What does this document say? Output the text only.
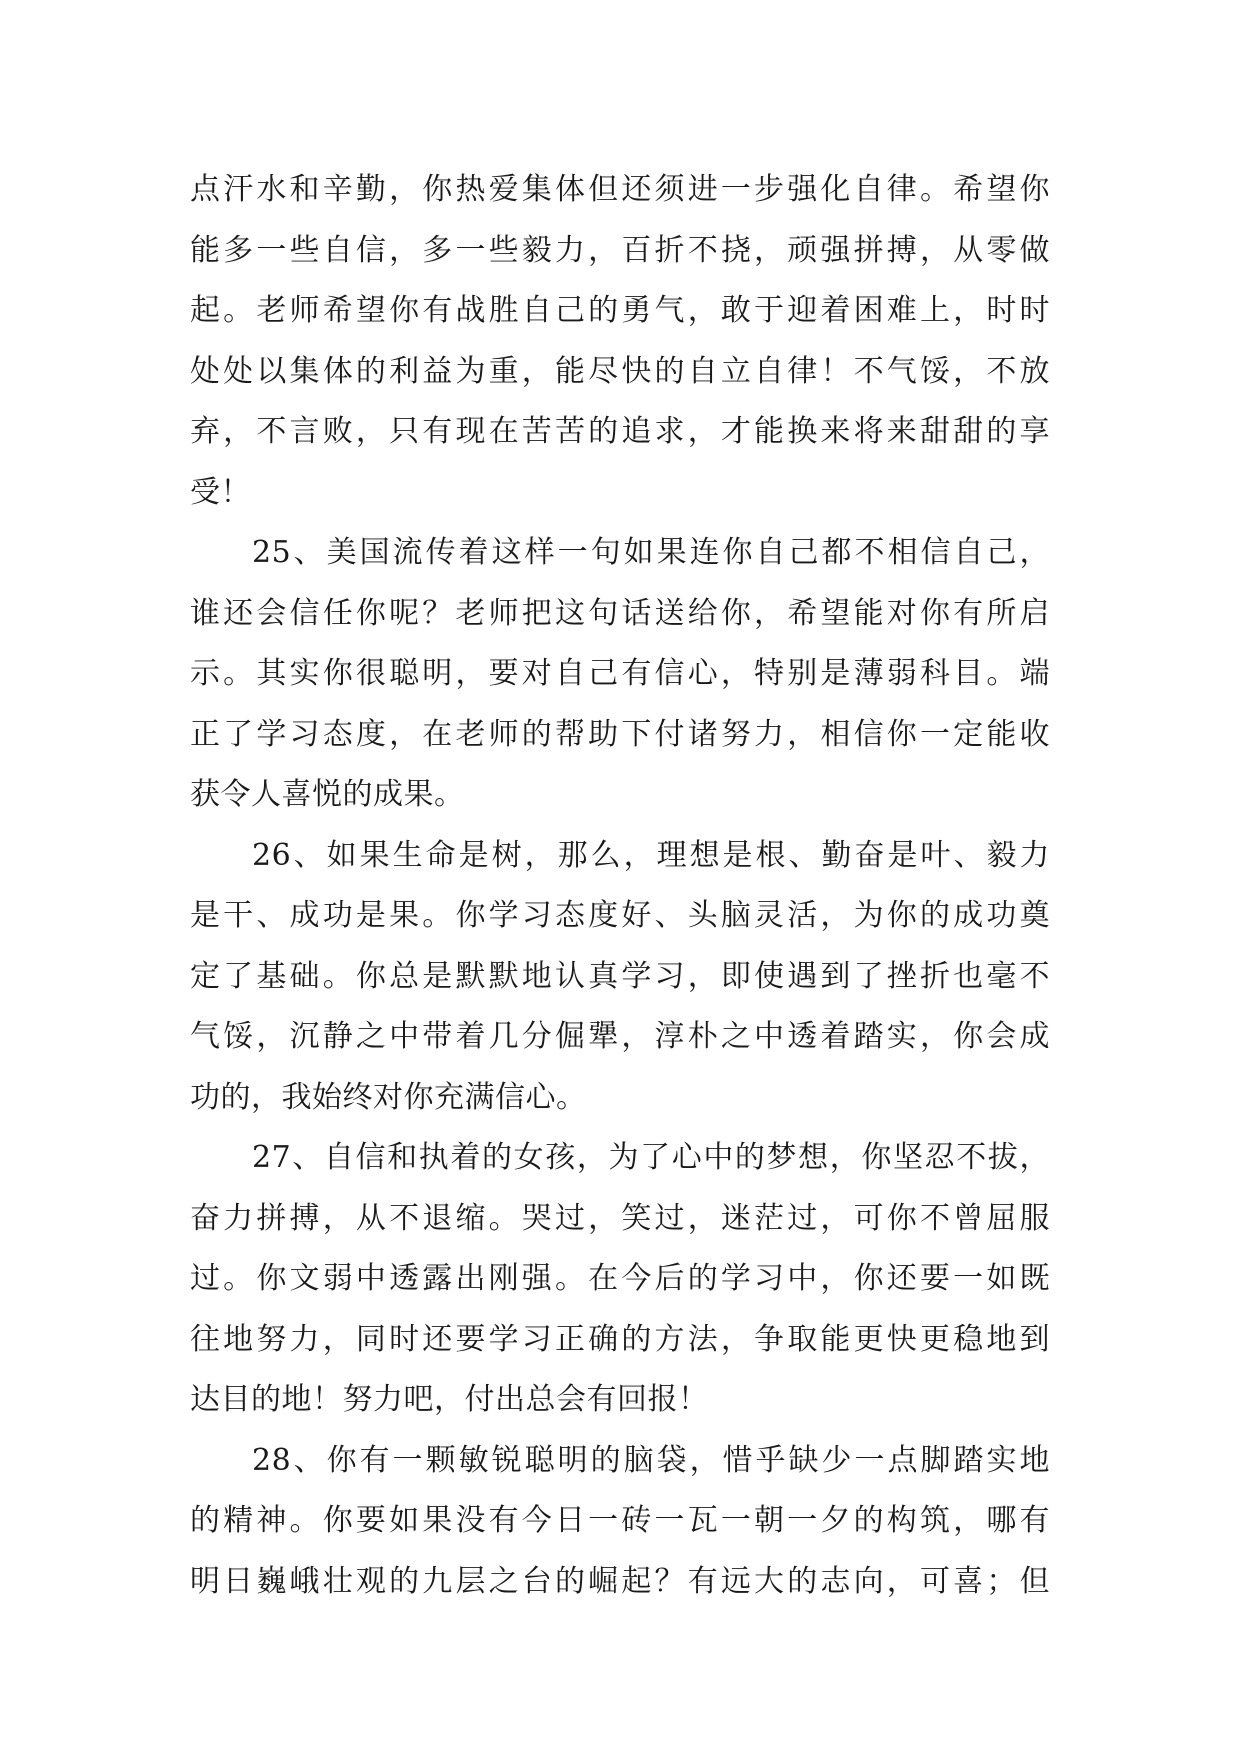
点汗水和辛勤，你热爱集体但还须进一步强化自律。希望你
能多一些自信，多一些毅力，百折不挠，顽强拼搏，从零做
起。老师希望你有战胜自己的勇气，敢于迎着困难上，时时
处处以集体的利益为重，能尽快的自立自律！不气馁，不放
弃，不言败，只有现在苦苦的追求，才能换来将来甜甜的享
受！
25、美国流传着这样一句如果连你自己都不相信自己，
谁还会信任你呢？老师把这句话送给你，希望能对你有所启
示。其实你很聪明，要对自己有信心，特别是薄弱科目。端
正了学习态度，在老师的帮助下付诸努力，相信你一定能收
获令人喜悦的成果。
26、如果生命是树，那么，理想是根、勤奋是叶、毅力
是干、成功是果。你学习态度好、头脑灵活，为你的成功奠
定了基础。你总是默默地认真学习，即使遇到了挫折也毫不
气馁，沉静之中带着几分倔犟，淳朴之中透着踏实，你会成
功的，我始终对你充满信心。
27、自信和执着的女孩，为了心中的梦想，你坚忍不拔，
奋力拼搏，从不退缩。哭过，笑过，迷茫过，可你不曾屈服
过。你文弱中透露出刚强。在今后的学习中，你还要一如既
往地努力，同时还要学习正确的方法，争取能更快更稳地到
达目的地！努力吧，付出总会有回报！
28、你有一颗敏锐聪明的脑袋，惜乎缺少一点脚踏实地
的精神。你要如果没有今日一砖一瓦一朝一夕的构筑，哪有
明日巍峨壮观的九层之台的崛起？有远大的志向，可喜；但
